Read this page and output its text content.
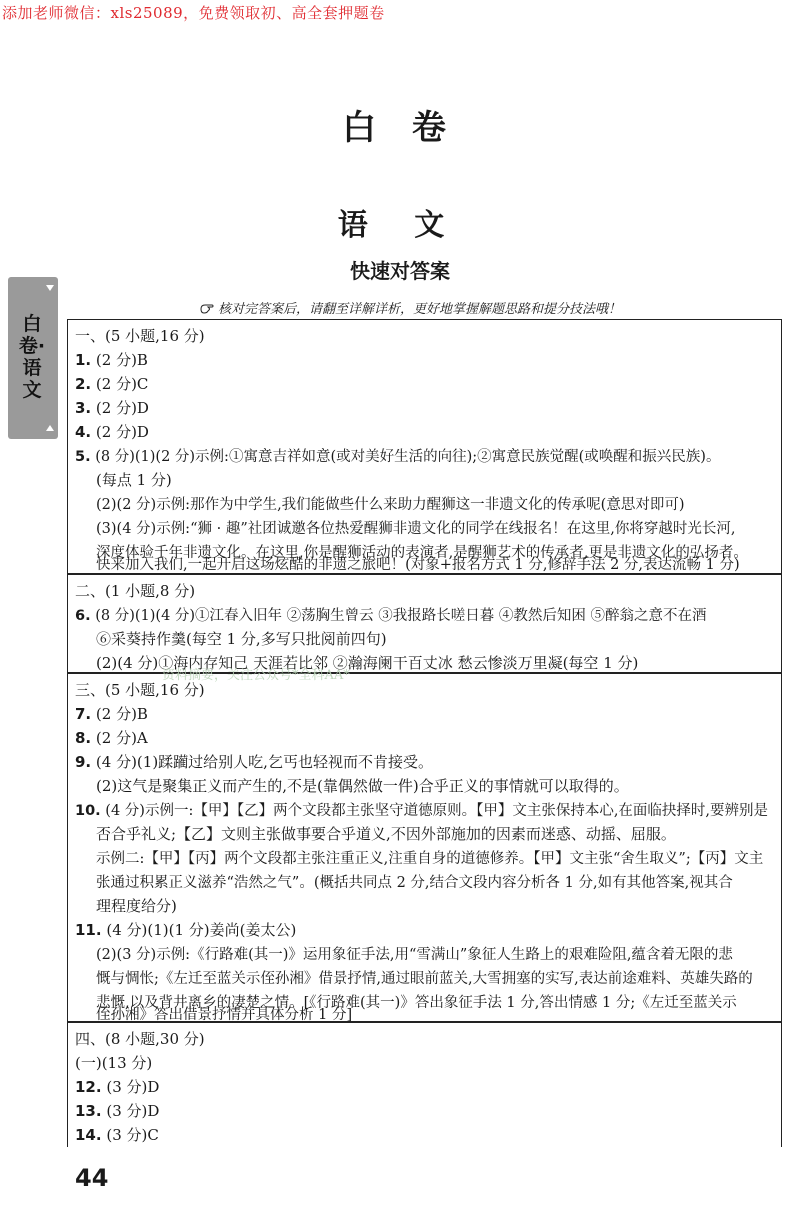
添加老师微信：xls25089，免费领取初、高全套押题卷
白 卷
语 文
快速对答案
核对完答案后，请翻至详解详析，更好地掌握解题思路和提分技法哦！
白卷·语文
一、(5 小题,16 分)
1. (2 分)B
2. (2 分)C
3. (2 分)D
4. (2 分)D
5. (8 分)(1)(2 分)示例:①寓意吉祥如意(或对美好生活的向往);②寓意民族觉醒(或唤醒和振兴民族)。
(每点 1 分)
(2)(2 分)示例:那作为中学生,我们能做些什么来助力醒狮这一非遗文化的传承呢(意思对即可)
(3)(4 分)示例:“狮 · 趣”社团诚邀各位热爱醒狮非遗文化的同学在线报名！在这里,你将穿越时光长河,
深度体验千年非遗文化。在这里,你是醒狮活动的表演者,是醒狮艺术的传承者,更是非遗文化的弘扬者。
二、(1 小题,8 分)
6. (8 分)(1)(4 分)①江春入旧年 ②荡胸生曾云 ③我报路长嗟日暮 ④教然后知困 ⑤醉翁之意不在酒
⑥采葵持作羹(每空 1 分,多写只批阅前四句)
(2)(4 分)①海内存知己 天涯若比邻 ②瀚海阑干百丈冰 愁云惨淡万里凝(每空 1 分)
资料摘要，关注公众号*全科AA*
三、(5 小题,16 分)
7. (2 分)B
8. (2 分)A
9. (4 分)(1)蹂躏过给别人吃,乞丐也轻视而不肯接受。
(2)这气是聚集正义而产生的,不是(靠偶然做一件)合乎正义的事情就可以取得的。
10. (4 分)示例一:【甲】【乙】两个文段都主张坚守道德原则。【甲】文主张保持本心,在面临抉择时,要辨别是
否合乎礼义;【乙】文则主张做事要合乎道义,不因外部施加的因素而迷惑、动摇、屈服。
示例二:【甲】【丙】两个文段都主张注重正义,注重自身的道德修养。【甲】文主张“舍生取义”;【丙】文主
张通过积累正义滋养“浩然之气”。(概括共同点 2 分,结合文段内容分析各 1 分,如有其他答案,视其合
理程度给分)
11. (4 分)(1)(1 分)姜尚(姜太公)
(2)(3 分)示例:《行路难(其一)》运用象征手法,用“雪满山”象征人生路上的艰难险阻,蕴含着无限的悲
慨与惆怅;《左迁至蓝关示侄孙湘》借景抒情,通过眼前蓝关,大雪拥塞的实写,表达前途难料、英雄失路的
悲慨,以及背井离乡的凄楚之情。[《行路难(其一)》答出象征手法 1 分,答出情感 1 分;《左迁至蓝关示
四、(8 小题,30 分)
(一)(13 分)
12. (3 分)D
13. (3 分)D
14. (3 分)C
44
快来加入我们,一起开启这场炫酷的非遗之旅吧！(对象+报名方式 1 分,修辞手法 2 分,表达流畅 1 分)
侄孙湘》答出借景抒情并具体分析 1 分]
